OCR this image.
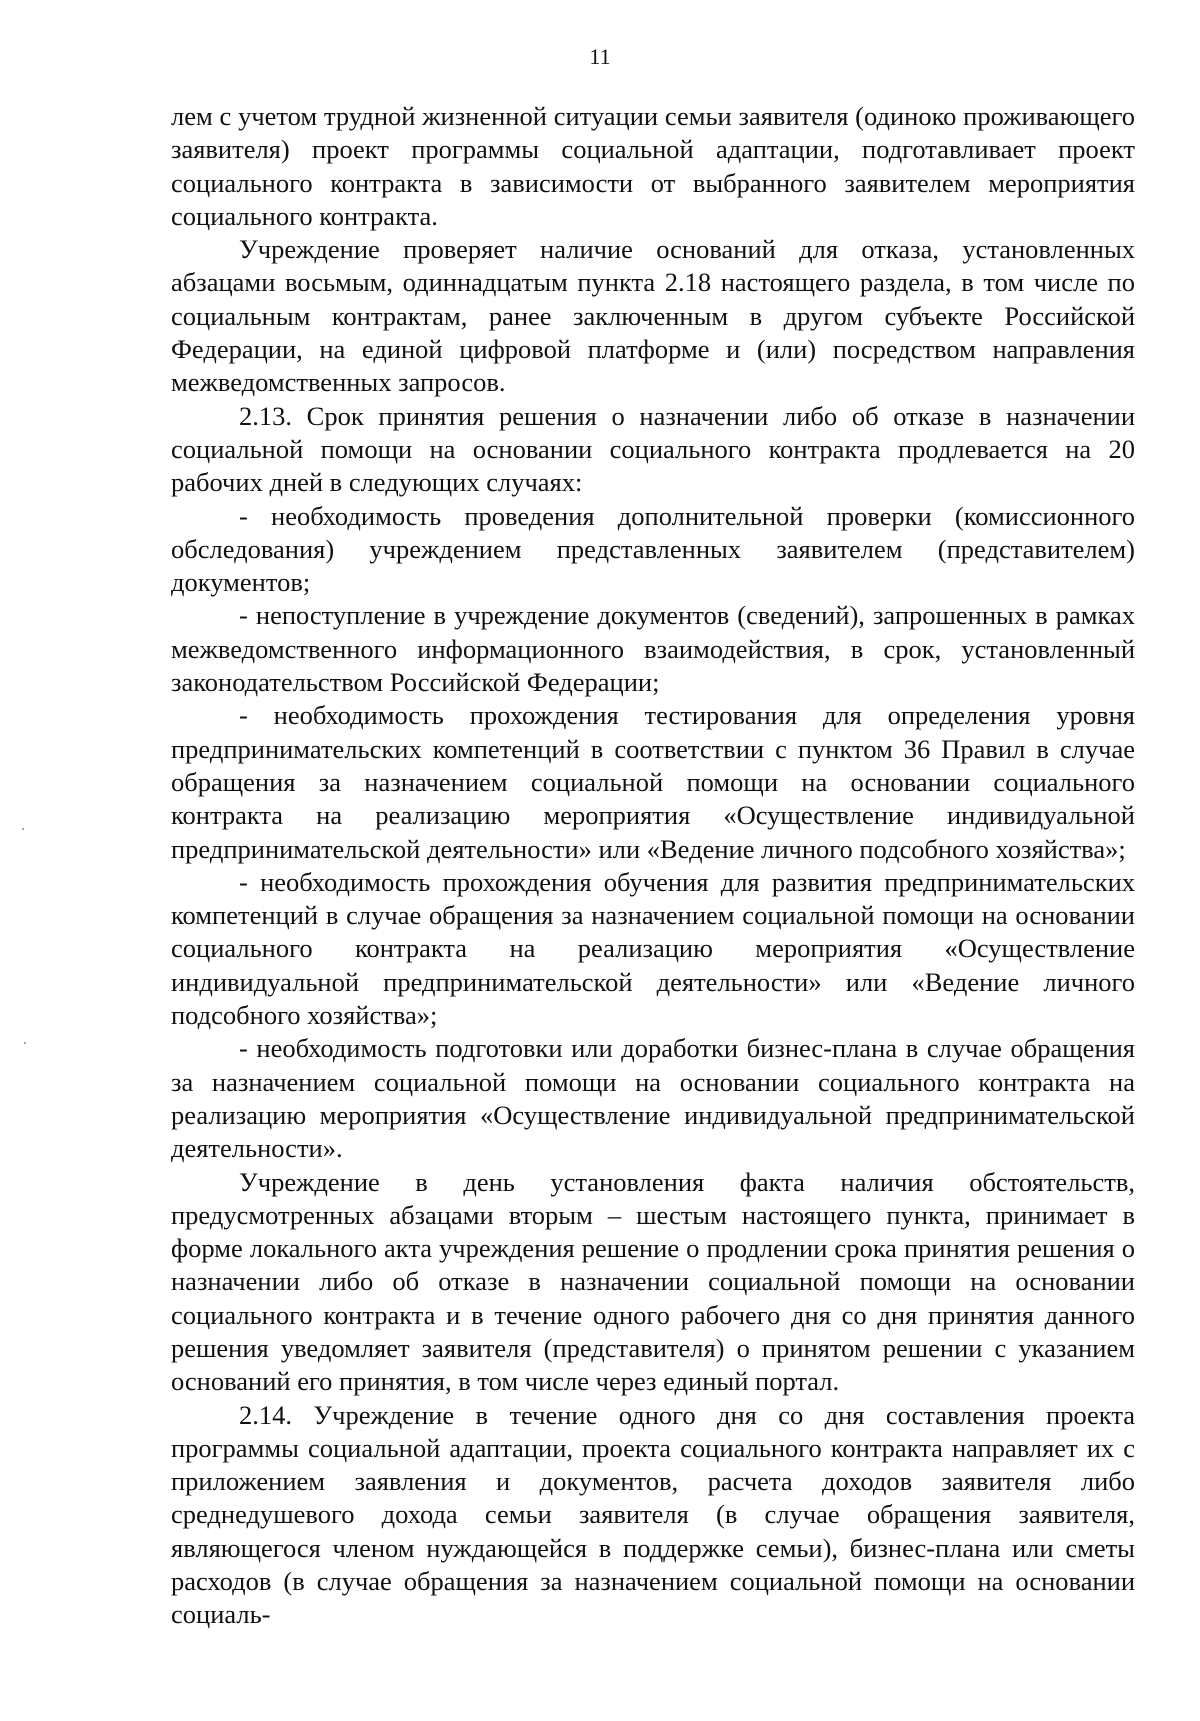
11

лем с учетом трудной жизненной ситуации семьи заявителя (одиноко проживающего заявителя) проект программы социальной адаптации, подготавливает проект социального контракта в зависимости от выбранного заявителем мероприятия социального контракта.

Учреждение проверяет наличие оснований для отказа, установленных абзацами восьмым, одиннадцатым пункта 2.18 настоящего раздела, в том числе по социальным контрактам, ранее заключенным в другом субъекте Российской Федерации, на единой цифровой платформе и (или) посредством направления межведомственных запросов.

2.13. Срок принятия решения о назначении либо об отказе в назначении социальной помощи на основании социального контракта продлевается на 20 рабочих дней в следующих случаях:

- необходимость проведения дополнительной проверки (комиссионного обследования) учреждением представленных заявителем (представителем) документов;

- непоступление в учреждение документов (сведений), запрошенных в рамках межведомственного информационного взаимодействия, в срок, установленный законодательством Российской Федерации;

- необходимость прохождения тестирования для определения уровня предпринимательских компетенций в соответствии с пунктом 36 Правил в случае обращения за назначением социальной помощи на основании социального контракта на реализацию мероприятия «Осуществление индивидуальной предпринимательской деятельности» или «Ведение личного подсобного хозяйства»;

- необходимость прохождения обучения для развития предпринимательских компетенций в случае обращения за назначением социальной помощи на основании социального контракта на реализацию мероприятия «Осуществление индивидуальной предпринимательской деятельности» или «Ведение личного подсобного хозяйства»;

- необходимость подготовки или доработки бизнес-плана в случае обращения за назначением социальной помощи на основании социального контракта на реализацию мероприятия «Осуществление индивидуальной предпринимательской деятельности».

Учреждение в день установления факта наличия обстоятельств, предусмотренных абзацами вторым – шестым настоящего пункта, принимает в форме локального акта учреждения решение о продлении срока принятия решения о назначении либо об отказе в назначении социальной помощи на основании социального контракта и в течение одного рабочего дня со дня принятия данного решения уведомляет заявителя (представителя) о принятом решении с указанием оснований его принятия, в том числе через единый портал.

2.14. Учреждение в течение одного дня со дня составления проекта программы социальной адаптации, проекта социального контракта направляет их с приложением заявления и документов, расчета доходов заявителя либо среднедушевого дохода семьи заявителя (в случае обращения заявителя, являющегося членом нуждающейся в поддержке семьи), бизнес-плана или сметы расходов (в случае обращения за назначением социальной помощи на основании социаль-
